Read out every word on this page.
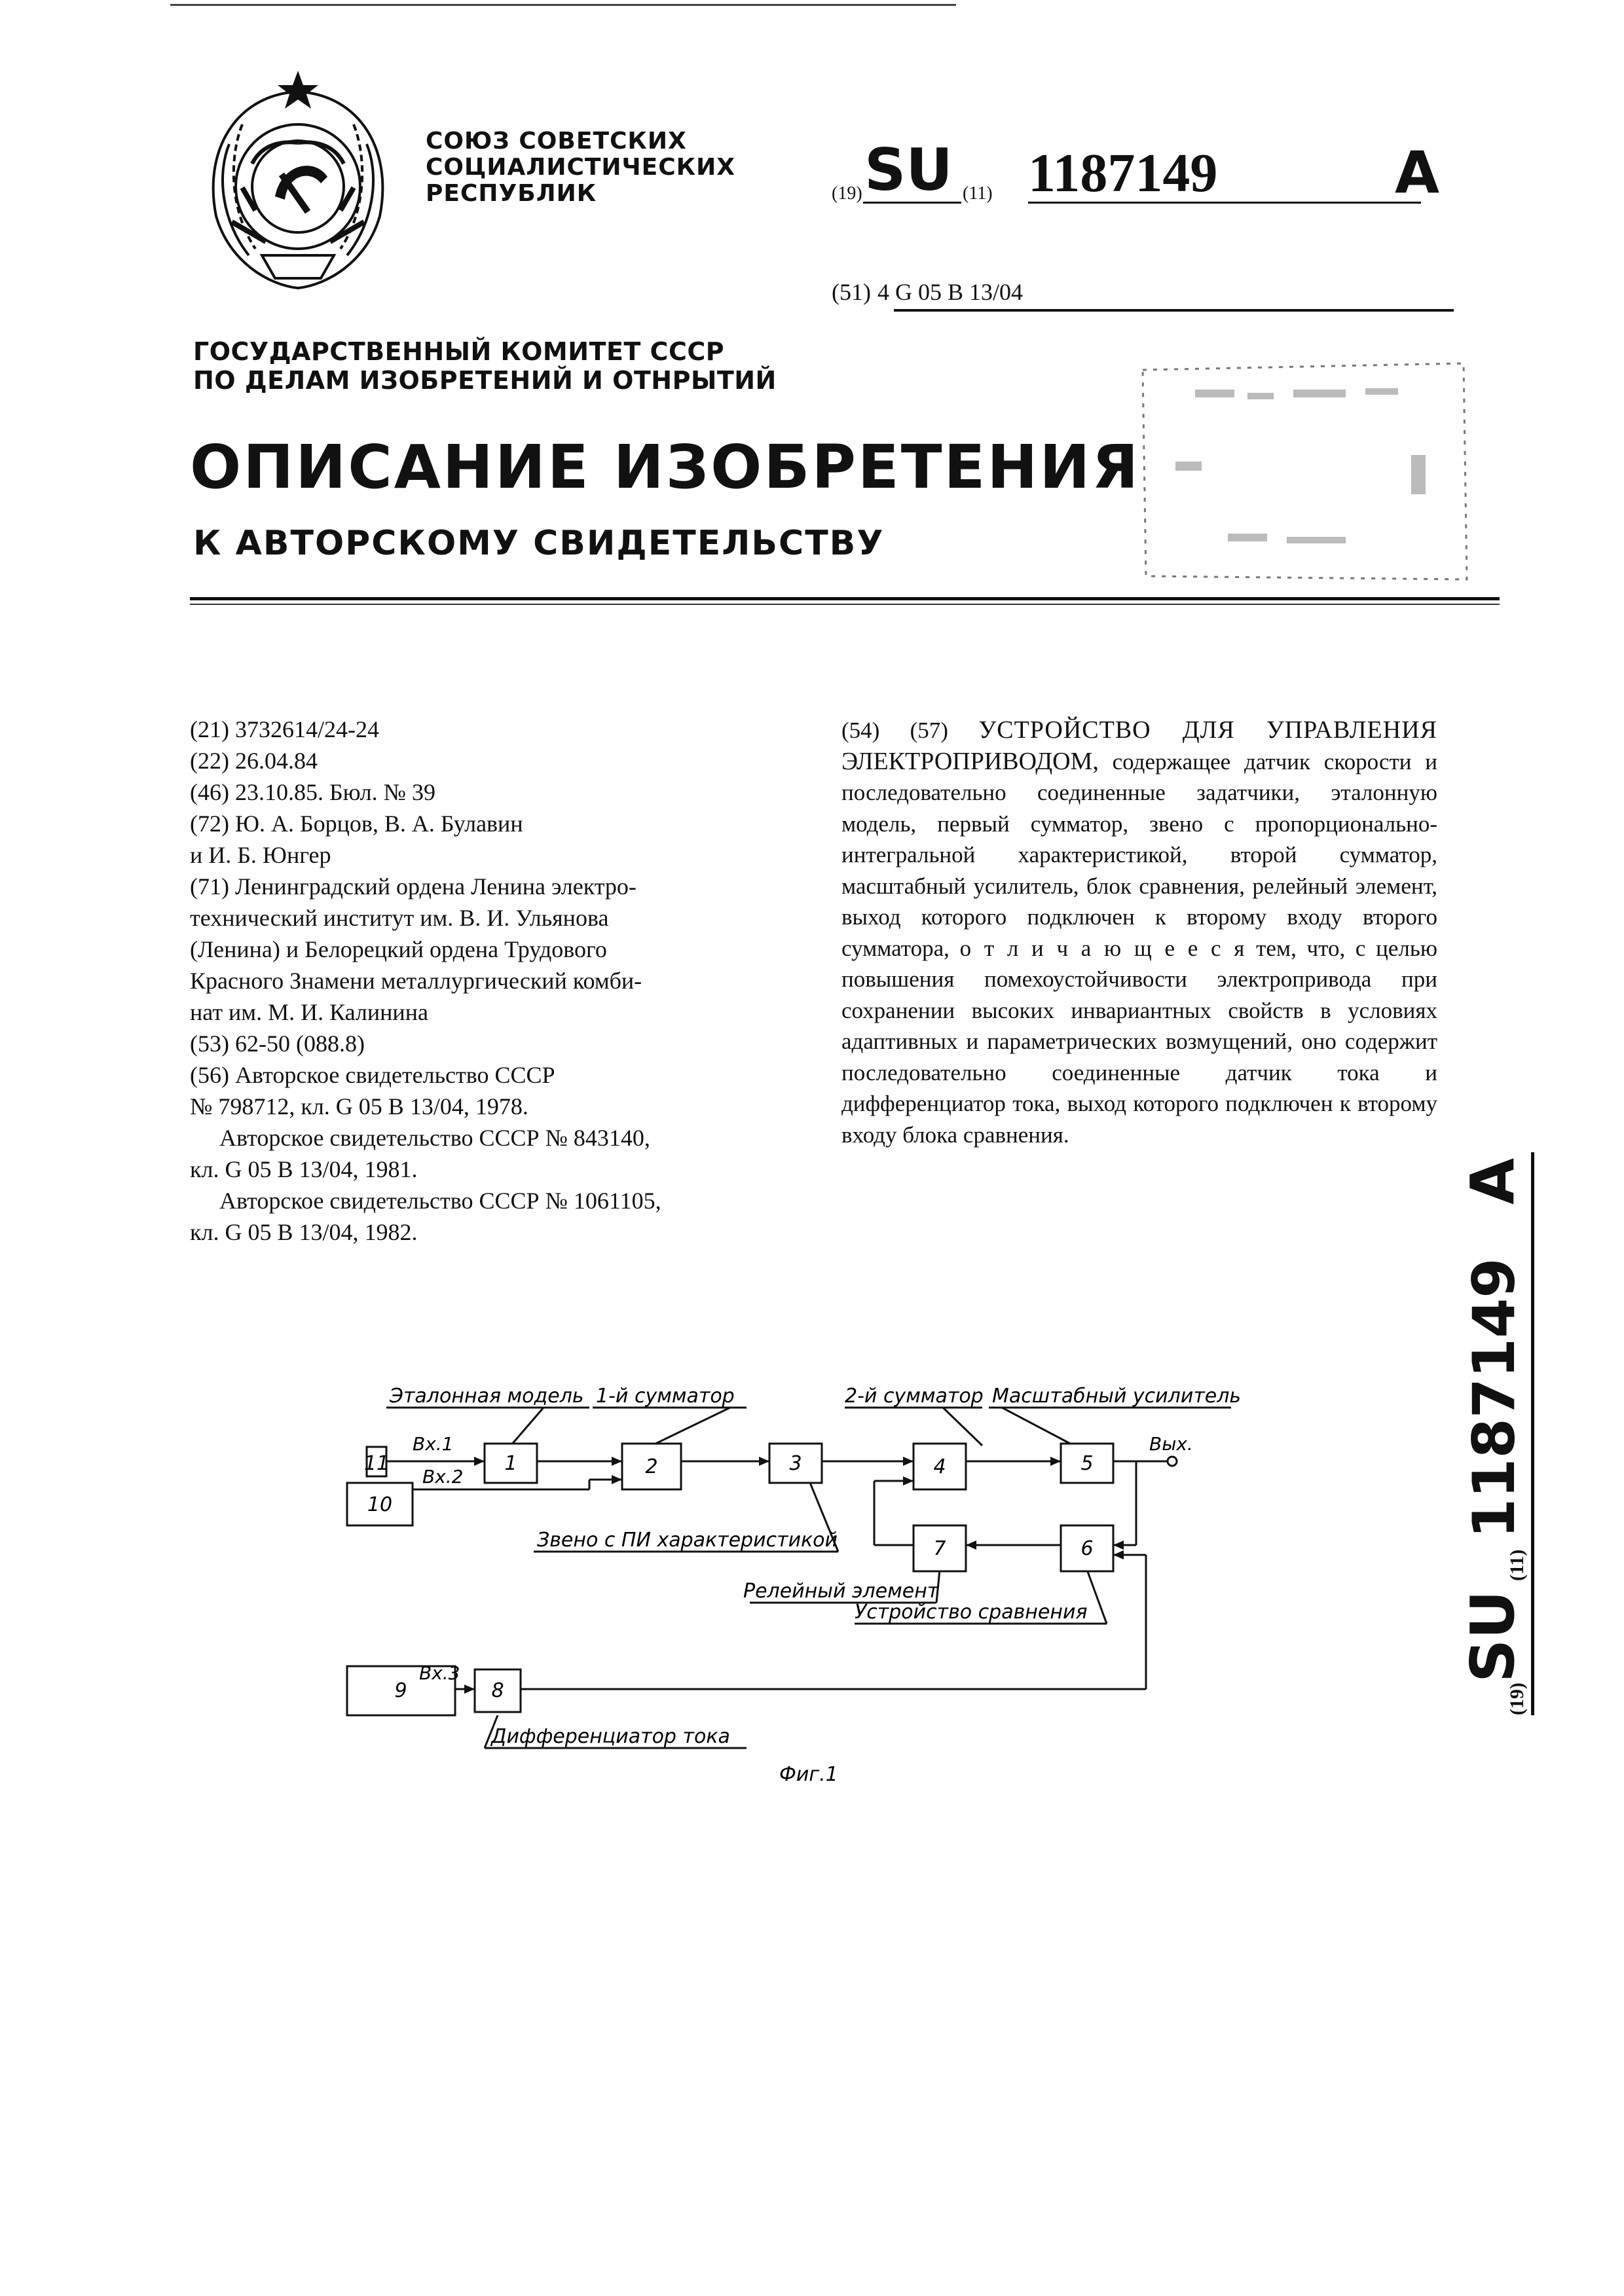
СОЮЗ СОВЕТСКИХ
СОЦИАЛИСТИЧЕСКИХ
РЕСПУБЛИК	(19) SU (11) 1187149	A
(51) 4 G 05 B 13/04
ГОСУДАРСТВЕННЫЙ КОМИТЕТ СССР
ПО ДЕЛАМ ИЗОБРЕТЕНИЙ И ОТНРЫТИЙ
ОПИСАНИЕ ИЗОБРЕТЕНИЯ
К АВТОРСКОМУ СВИДЕТЕЛЬСТВУ
(21) 3732614/24-24
(22) 26.04.84
(46) 23.10.85. Бюл. № 39
(72) Ю. А. Борцов, В. А. Булавин
и И. Б. Юнгер
(71) Ленинградский ордена Ленина электро-
технический институт им. В. И. Ульянова
(Ленина) и Белорецкий ордена Трудового
Красного Знамени металлургический комби-
нат им. М. И. Калинина
(53) 62-50 (088.8)
(56) Авторское свидетельство СССР
№ 798712, кл. G 05 B 13/04, 1978.
Авторское свидетельство СССР № 843140,
кл. G 05 B 13/04, 1981.
Авторское свидетельство СССР № 1061105,
кл. G 05 B 13/04, 1982.

(54) (57) УСТРОЙСТВО ДЛЯ УПРАВЛЕНИЯ ЭЛЕКТРОПРИВОДОМ, содержащее датчик скорости и последовательно соединенные задатчики, эталонную модель, первый сумматор, звено с пропорционально-интегральной характеристикой, второй сумматор, масштабный усилитель, блок сравнения, релейный элемент, выход которого подключен к второму входу второго сумматора, о т л и ч а ю щ е е с я тем, что, с целью повышения помехоустойчивости электропривода при сохранении высоких инвариантных свойств в условиях адаптивных и параметрических возмущений, оно содержит последовательно соединенные датчик тока и дифференциатор тока, выход которого подключен к второму входу блока сравнения.

11
10
1	2	3	4	5
6
7
8
9
Вх.1
Вх.2
Вх.3
Вых.
Эталонная модель 1-й сумматор	2-й сумматор Масштабный усилитель
Звено с ПИ характеристикой
Релейный элемент
Устройство сравнения
Дифференциатор тока
Фиг.1
(19)
SU
(11)
1187149
A
